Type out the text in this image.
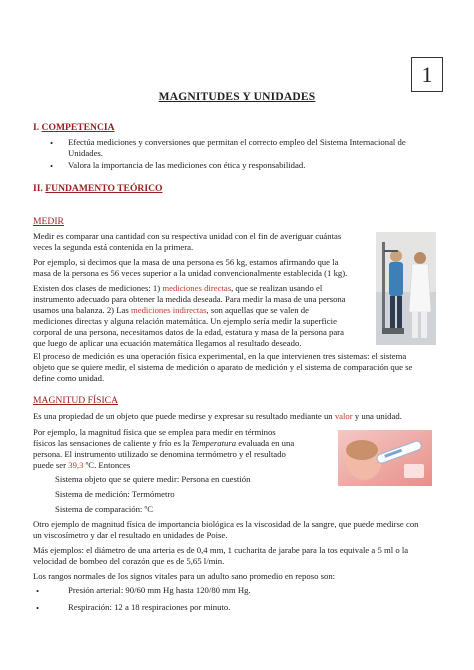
1
MAGNITUDES Y UNIDADES
I. COMPETENCIA
• Efectúa mediciones y conversiones que permitan el correcto empleo del Sistema Internacional de

Unidades.

• Valora la importancia de las mediciones con ética y responsabilidad.

II. FUNDAMENTO TEÓRICO
MEDIR

Medir es comparar una cantidad con su respectiva unidad con el fin de averiguar cuántas

veces la segunda está contenida en la primera.

Por ejemplo, si decimos que la masa de una persona es 56 kg, estamos afirmando que la

masa de la persona es 56 veces superior a la unidad convencionalmente establecida (1 kg).

Existen dos clases de mediciones: 1) mediciones directas, que se realizan usando el

instrumento adecuado para obtener la medida deseada. Para medir la masa de una persona

usamos una balanza. 2) Las mediciones indirectas, son aquellas que se valen de

mediciones directas y alguna relación matemática. Un ejemplo sería medir la superficie

corporal de una persona, necesitamos datos de la edad, estatura y masa de la persona para

que luego de aplicar una ecuación matemática llegamos al resultado deseado.

El proceso de medición es una operación física experimental, en la que intervienen tres sistemas: el sistema

objeto que se quiere medir, el sistema de medición o aparato de medición y el sistema de comparación que se

define como unidad.

MAGNITUD FÍSICA

Es una propiedad de un objeto que puede medirse y expresar su resultado mediante un valor y una unidad.

Por ejemplo, la magnitud física que se emplea para medir en términos

físicos las sensaciones de caliente y frío es la Temperatura evaluada en una

persona. El instrumento utilizado se denomina termómetro y el resultado

puede ser 39,3 ºC. Entonces

Sistema objeto que se quiere medir: Persona en cuestión

Sistema de medición: Termómetro

Sistema de comparación: ºC

Otro ejemplo de magnitud física de importancia biológica es la viscosidad de la sangre, que puede medirse con

un viscosímetro y dar el resultado en unidades de Poise.

Más ejemplos: el diámetro de una arteria es de 0,4 mm, 1 cucharita de jarabe para la tos equivale a 5 ml o la

velocidad de bombeo del corazón que es de 5,65 l/min.

Los rangos normales de los signos vitales para un adulto sano promedio en reposo son:

•	Presión arterial: 90/60 mm Hg hasta 120/80 mm Hg.

•	Respiración: 12 a 18 respiraciones por minuto.
